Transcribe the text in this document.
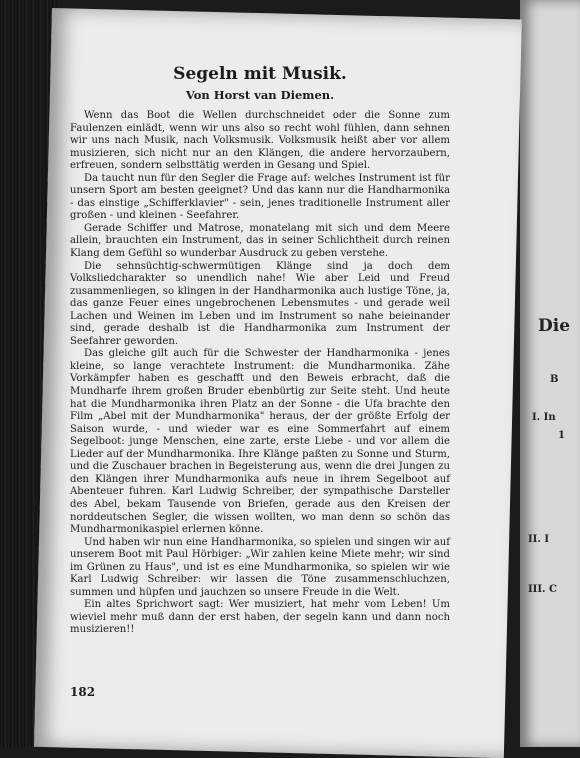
Die
B
I. In
1
II. I
III. C
Segeln mit Musik.
Von Horst van Diemen.

Wenn das Boot die Wellen durchschneidet oder die Sonne zum Faulenzen einlädt, wenn wir uns also so recht wohl fühlen, dann sehnen wir uns nach Musik, nach Volksmusik. Volksmusik heißt aber vor allem musizieren, sich nicht nur an den Klängen, die andere hervorzaubern, erfreuen, sondern selbsttätig werden in Gesang und Spiel.

Da taucht nun für den Segler die Frage auf: welches Instrument ist für unsern Sport am besten geeignet? Und das kann nur die Handharmonika - das einstige „Schifferklavier" - sein, jenes traditionelle Instrument aller großen - und kleinen - Seefahrer.

Gerade Schiffer und Matrose, monatelang mit sich und dem Meere allein, brauchten ein Instrument, das in seiner Schlichtheit durch reinen Klang dem Gefühl so wunderbar Ausdruck zu geben verstehe.

Die sehnsüchtig-schwermütigen Klänge sind ja doch dem Volksliedcharakter so unendlich nahe! Wie aber Leid und Freud zusammenliegen, so klingen in der Handharmonika auch lustige Töne, ja, das ganze Feuer eines ungebrochenen Lebensmutes - und gerade weil Lachen und Weinen im Leben und im Instrument so nahe beieinander sind, gerade deshalb ist die Handharmonika zum Instrument der Seefahrer geworden.

Das gleiche gilt auch für die Schwester der Handharmonika - jenes kleine, so lange verachtete Instrument: die Mundharmonika. Zähe Vorkämpfer haben es geschafft und den Beweis erbracht, daß die Mundharfe ihrem großen Bruder ebenbürtig zur Seite steht. Und heute hat die Mundharmonika ihren Platz an der Sonne - die Ufa brachte den Film „Abel mit der Mundharmonika" heraus, der der größte Erfolg der Saison wurde, - und wieder war es eine Sommerfahrt auf einem Segelboot: junge Menschen, eine zarte, erste Liebe - und vor allem die Lieder auf der Mundharmonika. Ihre Klänge paßten zu Sonne und Sturm, und die Zuschauer brachen in Begeisterung aus, wenn die drei Jungen zu den Klängen ihrer Mundharmonika aufs neue in ihrem Segelboot auf Abenteuer fuhren. Karl Ludwig Schreiber, der sympathische Darsteller des Abel, bekam Tausende von Briefen, gerade aus den Kreisen der norddeutschen Segler, die wissen wollten, wo man denn so schön das Mundharmonikaspiel erlernen könne.

Und haben wir nun eine Handharmonika, so spielen und singen wir auf unserem Boot mit Paul Hörbiger: „Wir zahlen keine Miete mehr; wir sind im Grünen zu Haus", und ist es eine Mundharmonika, so spielen wir wie Karl Ludwig Schreiber: wir lassen die Töne zusammenschluchzen, summen und hüpfen und jauchzen so unsere Freude in die Welt.

Ein altes Sprichwort sagt: Wer musiziert, hat mehr vom Leben! Um wieviel mehr muß dann der erst haben, der segeln kann und dann noch musizieren!!

182
